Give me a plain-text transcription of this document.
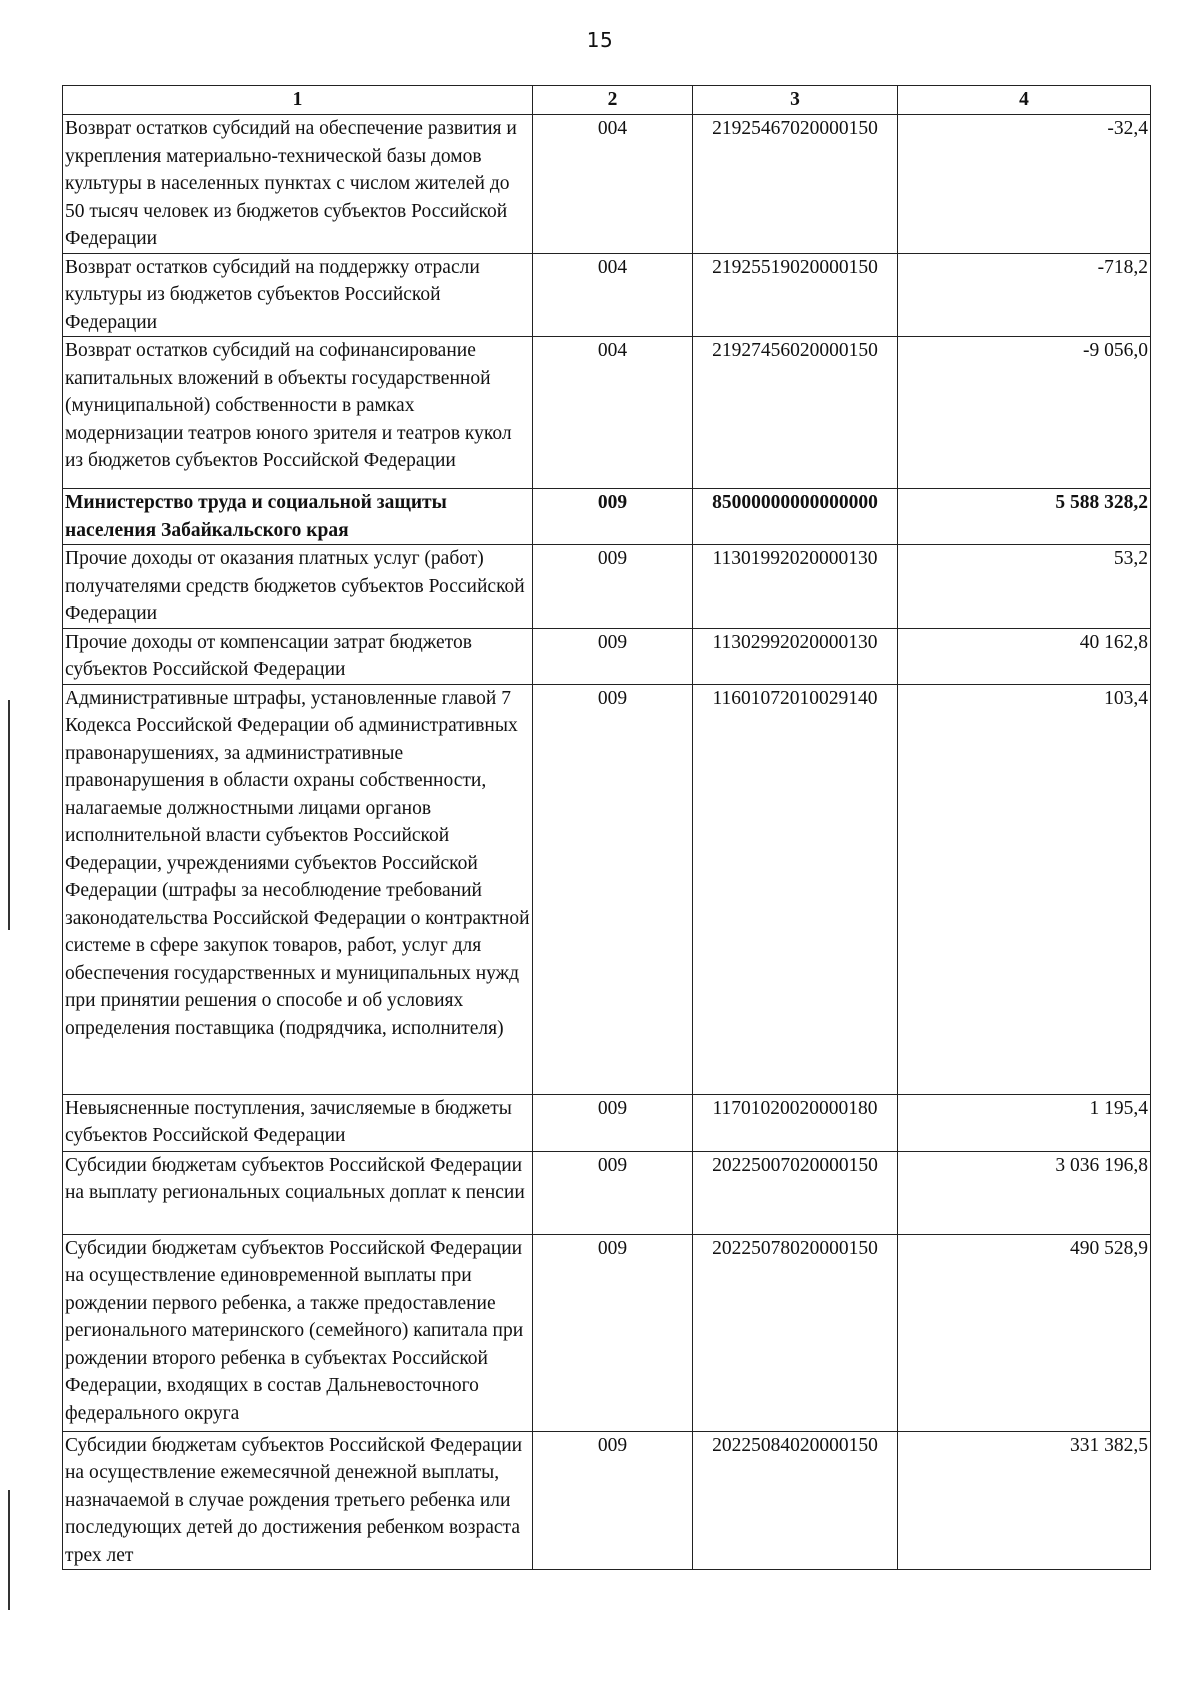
15
1	2	3	4
Возврат остатков субсидий на обеспечение развития и укрепления материально-технической базы домов культуры в населенных пунктах с числом жителей до 50 тысяч человек из бюджетов субъектов Российской Федерации	004	21925467020000150	-32,4
Возврат остатков субсидий на поддержку отрасли культуры из бюджетов субъектов Российской Федерации	004	21925519020000150	-718,2
Возврат остатков субсидий на софинансирование капитальных вложений в объекты государственной (муниципальной) собственности в рамках модернизации театров юного зрителя и театров кукол из бюджетов субъектов Российской Федерации	004	21927456020000150	-9 056,0
Министерство труда и социальной защиты населения Забайкальского края	009	85000000000000000	5 588 328,2
Прочие доходы от оказания платных услуг (работ) получателями средств бюджетов субъектов Российской Федерации	009	11301992020000130	53,2
Прочие доходы от компенсации затрат бюджетов субъектов Российской Федерации	009	11302992020000130	40 162,8
Административные штрафы, установленные главой 7 Кодекса Российской Федерации об административных правонарушениях, за административные правонарушения в области охраны собственности, налагаемые должностными лицами органов исполнительной власти субъектов Российской Федерации, учреждениями субъектов Российской Федерации (штрафы за несоблюдение требований законодательства Российской Федерации о контрактной системе в сфере закупок товаров, работ, услуг для обеспечения государственных и муниципальных нужд при принятии решения о способе и об условиях определения поставщика (подрядчика, исполнителя)	009	11601072010029140	103,4
Невыясненные поступления, зачисляемые в бюджеты субъектов Российской Федерации	009	11701020020000180	1 195,4
Субсидии бюджетам субъектов Российской Федерации на выплату региональных социальных доплат к пенсии	009	20225007020000150	3 036 196,8
Субсидии бюджетам субъектов Российской Федерации на осуществление единовременной выплаты при рождении первого ребенка, а также предоставление регионального материнского (семейного) капитала при рождении второго ребенка в субъектах Российской Федерации, входящих в состав Дальневосточного федерального округа	009	20225078020000150	490 528,9
Субсидии бюджетам субъектов Российской Федерации на осуществление ежемесячной денежной выплаты, назначаемой в случае рождения третьего ребенка или последующих детей до достижения ребенком возраста трех лет	009	20225084020000150	331 382,5
